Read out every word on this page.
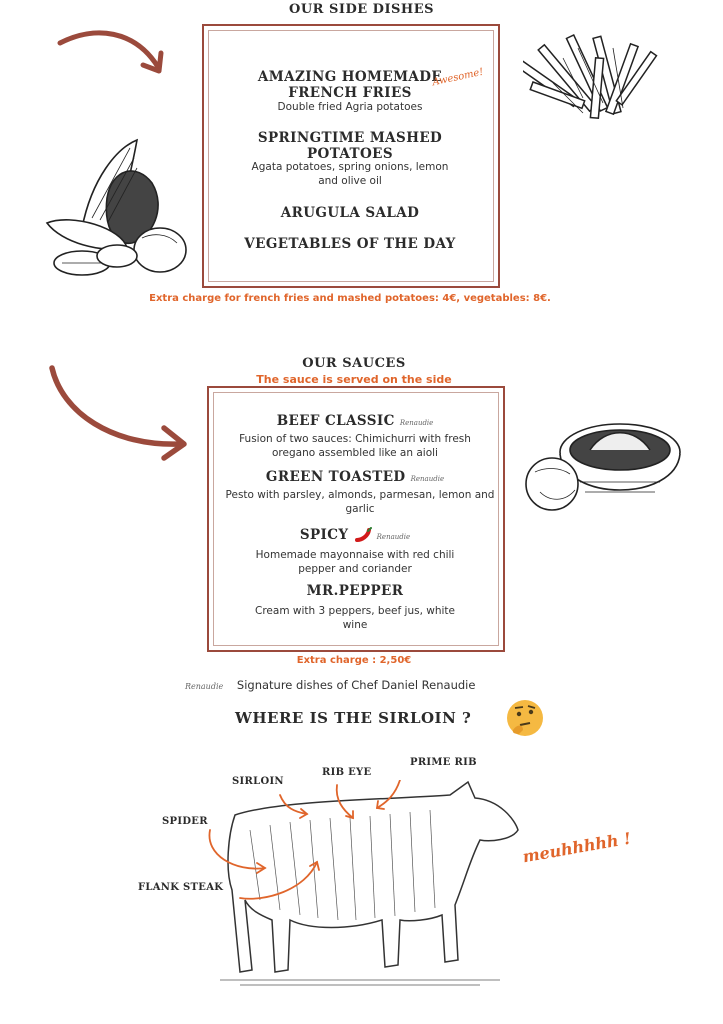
OUR SIDE DISHES
AMAZING HOMEMADE FRENCH FRIES
Awesome!
Double fried Agria potatoes
SPRINGTIME MASHED POTATOES
Agata potatoes, spring onions, lemon and olive oil
ARUGULA SALAD
VEGETABLES OF THE DAY
Extra charge for french fries and mashed potatoes: 4€, vegetables: 8€.
OUR SAUCES
The sauce is served on the side
BEEF CLASSIC Renaudie
Fusion of two sauces: Chimichurri with fresh oregano assembled like an aioli
GREEN TOASTED Renaudie
Pesto with parsley, almonds, parmesan, lemon and garlic
SPICY	Renaudie
Homemade mayonnaise with red chili pepper and coriander
MR.PEPPER
Cream with 3 peppers, beef jus, white wine
Extra charge : 2,50€
Renaudie Signature dishes of Chef Daniel Renaudie
WHERE IS THE SIRLOIN ?
SIRLOIN
RIB EYE
PRIME RIB
SPIDER
FLANK STEAK
meuhhhhh !
